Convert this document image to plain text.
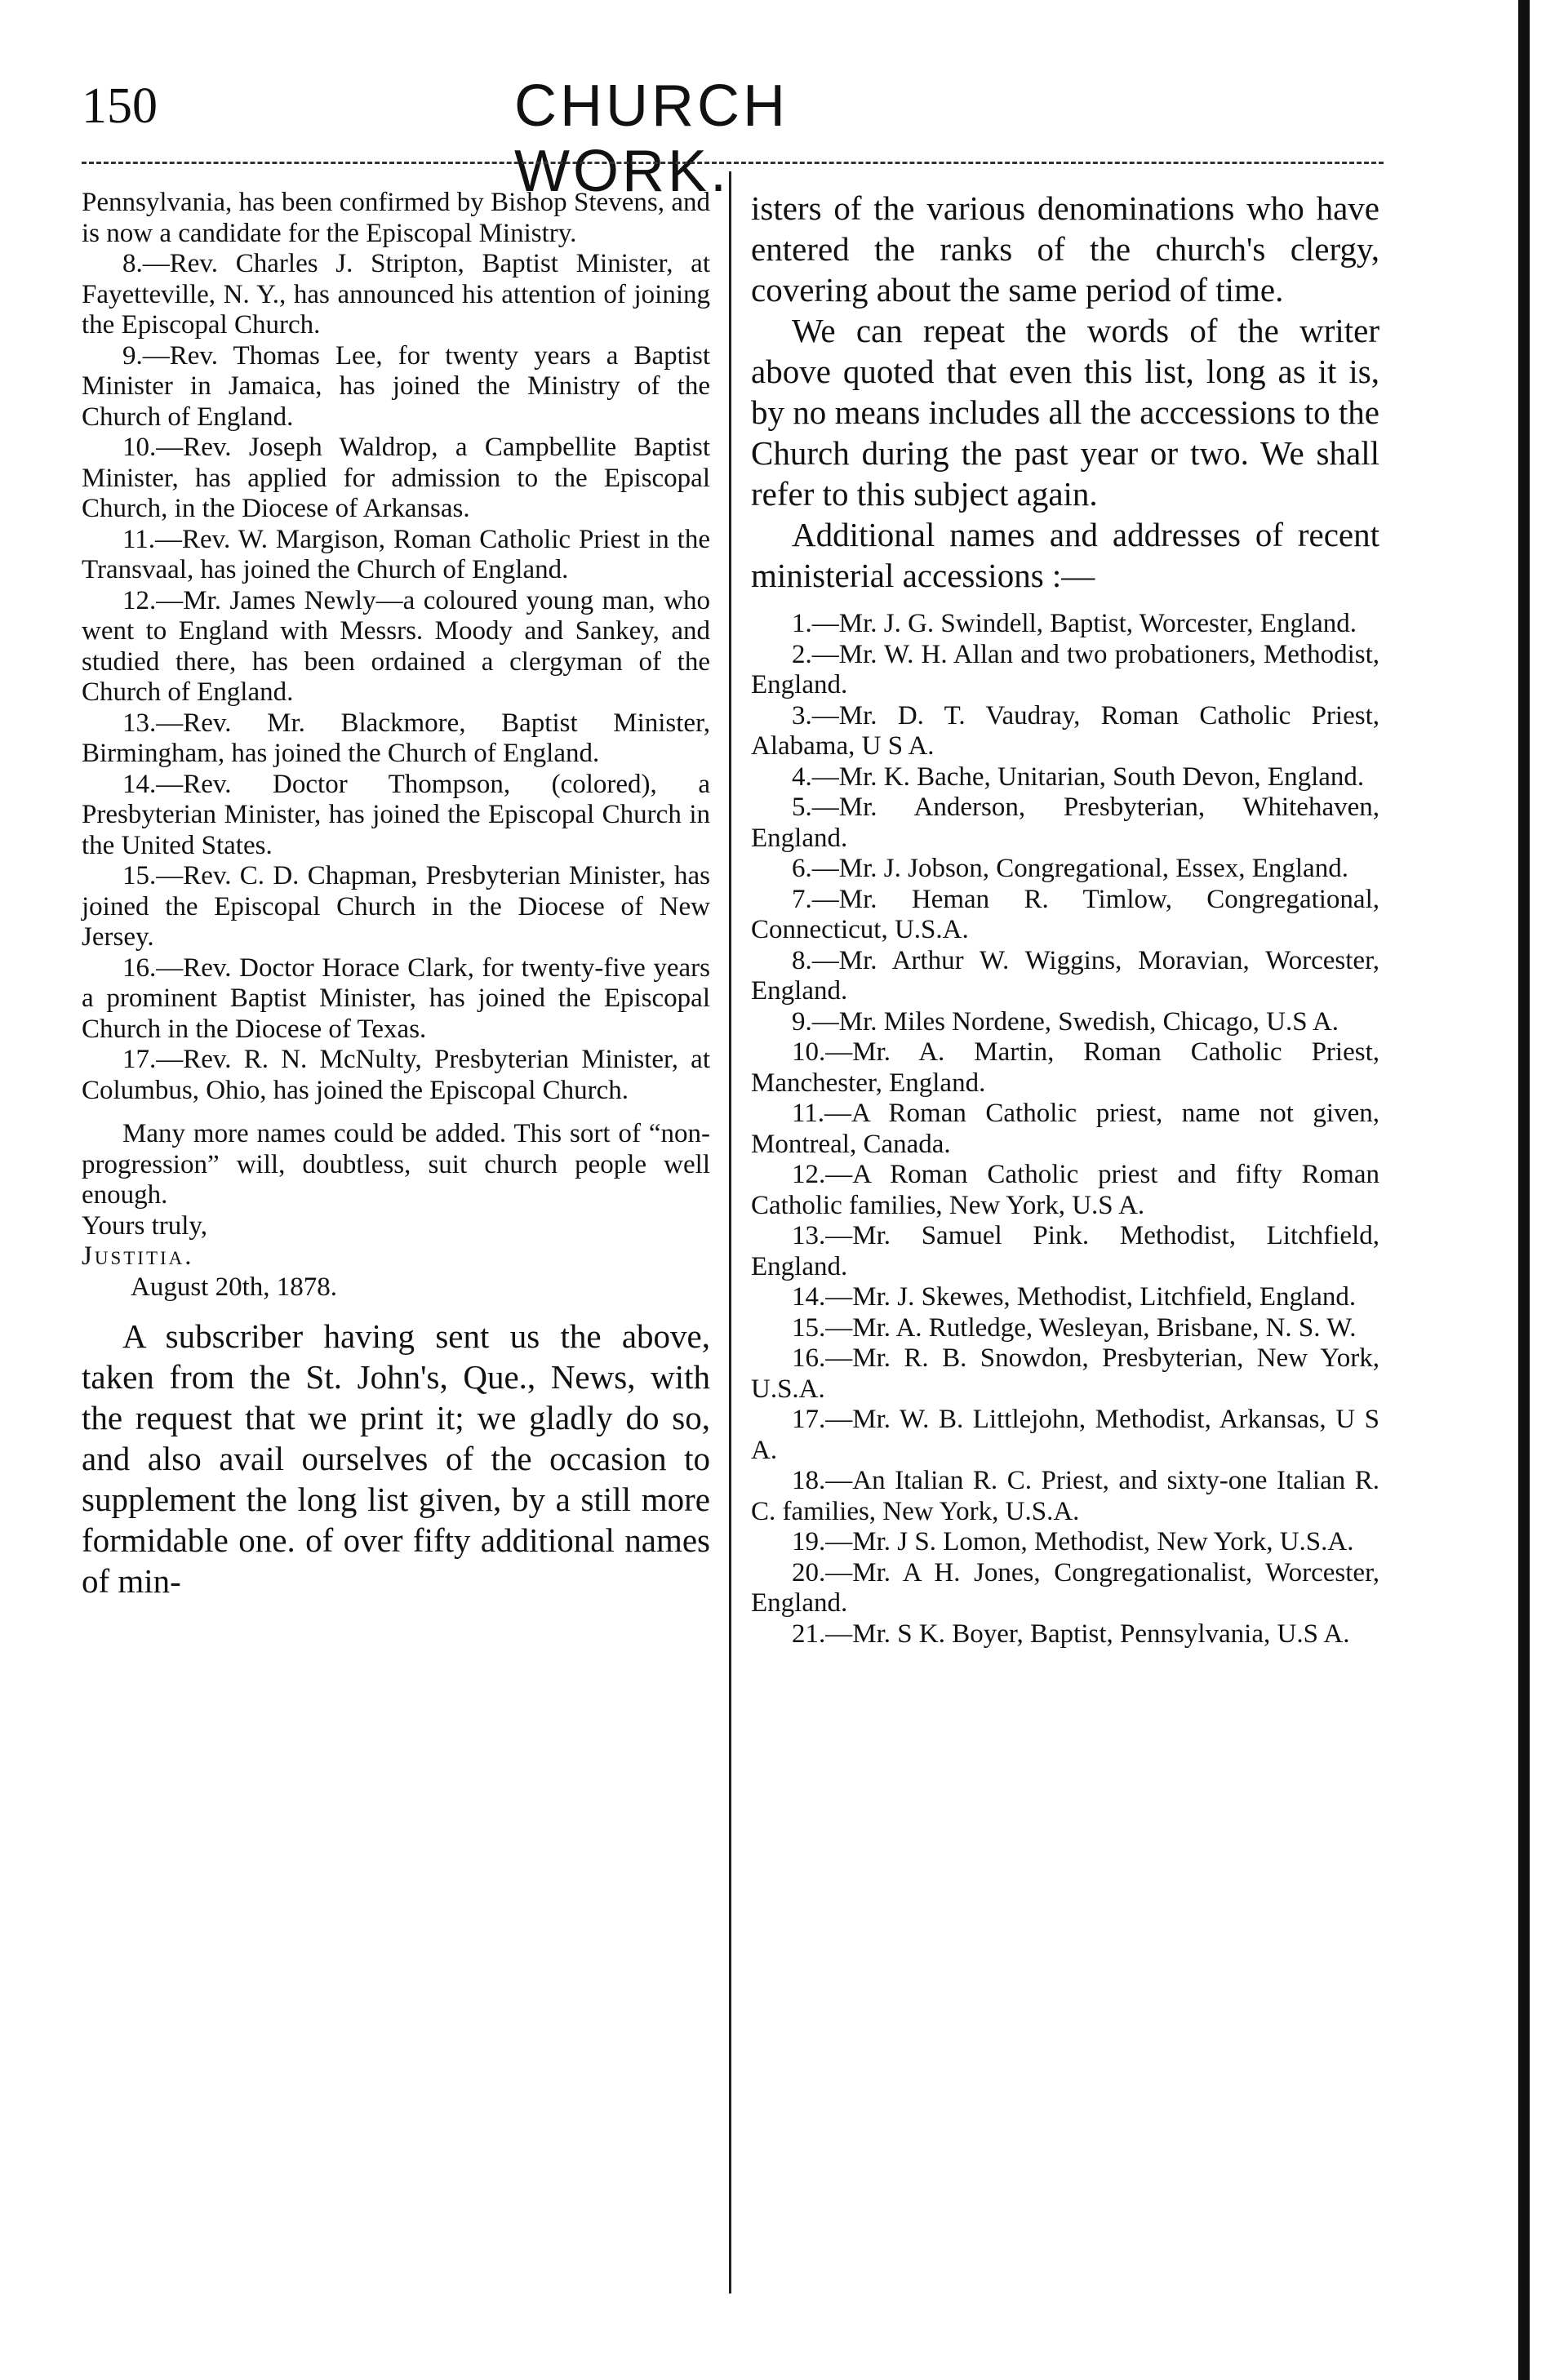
150	CHURCH WORK.

Pennsylvania, has been confirmed by Bishop Stevens, and is now a candidate for the Episcopal Ministry.

8.—Rev. Charles J. Stripton, Baptist Minister, at Fayetteville, N. Y., has announced his attention of joining the Episcopal Church.

9.—Rev. Thomas Lee, for twenty years a Baptist Minister in Jamaica, has joined the Ministry of the Church of England.

10.—Rev. Joseph Waldrop, a Campbellite Baptist Minister, has applied for admission to the Episcopal Church, in the Diocese of Arkansas.

11.—Rev. W. Margison, Roman Catholic Priest in the Transvaal, has joined the Church of England.

12.—Mr. James Newly—a coloured young man, who went to England with Messrs. Moody and Sankey, and studied there, has been ordained a clergyman of the Church of England.

13.—Rev. Mr. Blackmore, Baptist Minister, Birmingham, has joined the Church of England.

14.—Rev. Doctor Thompson, (colored), a Presbyterian Minister, has joined the Episcopal Church in the United States.

15.—Rev. C. D. Chapman, Presbyterian Minister, has joined the Episcopal Church in the Diocese of New Jersey.

16.—Rev. Doctor Horace Clark, for twenty-five years a prominent Baptist Minister, has joined the Episcopal Church in the Diocese of Texas.

17.—Rev. R. N. McNulty, Presbyterian Minister, at Columbus, Ohio, has joined the Episcopal Church.

Many more names could be added. This sort of “non-progression” will, doubtless, suit church people well enough.

Yours truly,

Justitia.

August 20th, 1878.

A subscriber having sent us the above, taken from the St. John's, Que., News, with the request that we print it; we gladly do so, and also avail ourselves of the occasion to supplement the long list given, by a still more formidable one. of over fifty additional names of min-

isters of the various denominations who have entered the ranks of the church's clergy, covering about the same period of time.

We can repeat the words of the writer above quoted that even this list, long as it is, by no means includes all the acccessions to the Church during the past year or two. We shall refer to this subject again.

Additional names and addresses of recent ministerial accessions :—

1.—Mr. J. G. Swindell, Baptist, Worcester, England.

2.—Mr. W. H. Allan and two probationers, Methodist, England.

3.—Mr. D. T. Vaudray, Roman Catholic Priest, Alabama, U S A.

4.—Mr. K. Bache, Unitarian, South Devon, England.

5.—Mr. Anderson, Presbyterian, Whitehaven, England.

6.—Mr. J. Jobson, Congregational, Essex, England.

7.—Mr. Heman R. Timlow, Congregational, Connecticut, U.S.A.

8.—Mr. Arthur W. Wiggins, Moravian, Worcester, England.

9.—Mr. Miles Nordene, Swedish, Chicago, U.S A.

10.—Mr. A. Martin, Roman Catholic Priest, Manchester, England.

11.—A Roman Catholic priest, name not given, Montreal, Canada.

12.—A Roman Catholic priest and fifty Roman Catholic families, New York, U.S A.

13.—Mr. Samuel Pink. Methodist, Litchfield, England.

14.—Mr. J. Skewes, Methodist, Litchfield, England.

15.—Mr. A. Rutledge, Wesleyan, Brisbane, N. S. W.

16.—Mr. R. B. Snowdon, Presbyterian, New York, U.S.A.

17.—Mr. W. B. Littlejohn, Methodist, Arkansas, U S A.

18.—An Italian R. C. Priest, and sixty-one Italian R. C. families, New York, U.S.A.

19.—Mr. J S. Lomon, Methodist, New York, U.S.A.

20.—Mr. A H. Jones, Congregationalist, Worcester, England.

21.—Mr. S K. Boyer, Baptist, Pennsylvania, U.S A.
